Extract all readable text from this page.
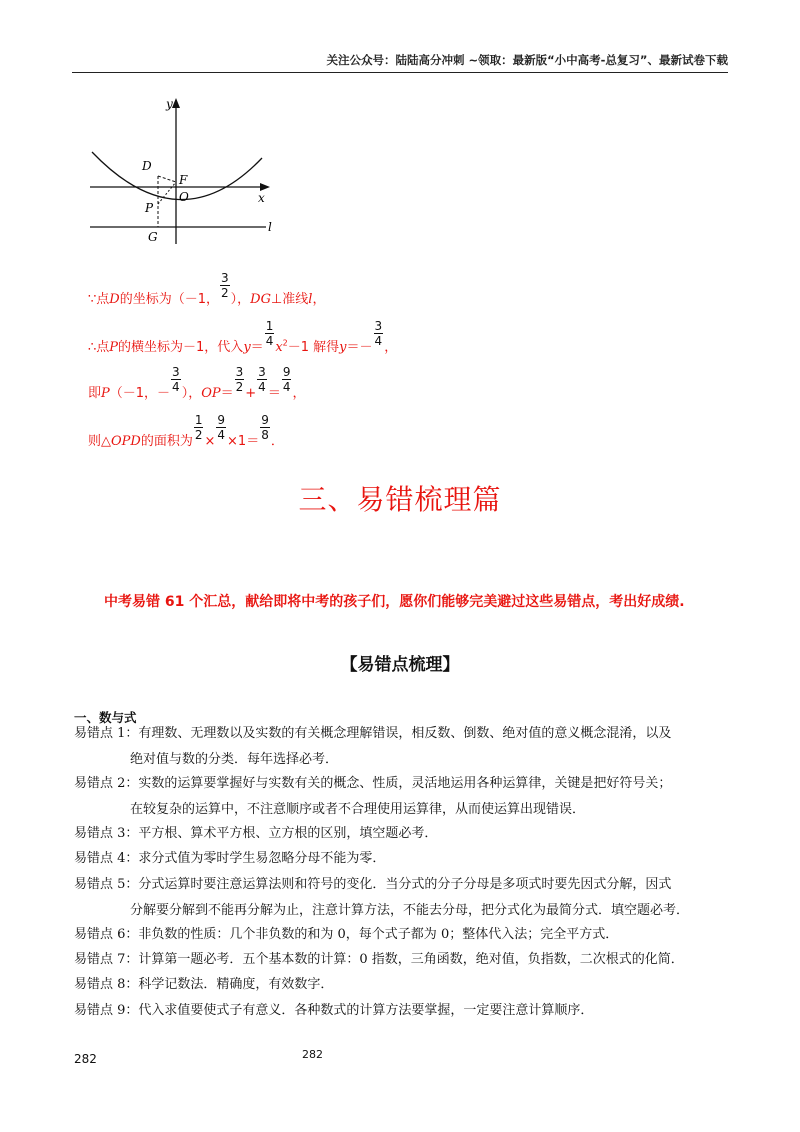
关注公众号：陆陆高分冲刺 ~领取：最新版“小中高考-总复习”、最新试卷下载
y
x
D
F
O
P
G
l
∵点D的坐标为（－1，
$\frac{3}{2}$
），DG⊥准线l，
∴点P的横坐标为－1，代入y＝
$\frac{1}{4}$
$x^2-1$ 解得y＝－
$\frac{3}{4}$
，
即P（－1，－
$\frac{3}{4}$
），OP＝
$\frac{3}{2}$
+
$\frac{3}{4}$
＝
$\frac{9}{4}$
，
则△OPD的面积为
$\frac{1}{2}$
×
$\frac{9}{4}$
×1＝
$\frac{9}{8}$
．
三、易错梳理篇
中考易错 61 个汇总，献给即将中考的孩子们，愿你们能够完美避过这些易错点，考出好成绩.
【易错点梳理】
一、数与式
易错点 1：有理数、无理数以及实数的有关概念理解错误，相反数、倒数、绝对值的意义概念混淆，以及
绝对值与数的分类．每年选择必考．
易错点 2：实数的运算要掌握好与实数有关的概念、性质，灵活地运用各种运算律，关键是把好符号关；
在较复杂的运算中，不注意顺序或者不合理使用运算律，从而使运算出现错误．
易错点 3：平方根、算术平方根、立方根的区别，填空题必考．
易错点 4：求分式值为零时学生易忽略分母不能为零．
易错点 5：分式运算时要注意运算法则和符号的变化．当分式的分子分母是多项式时要先因式分解，因式
分解要分解到不能再分解为止，注意计算方法，不能去分母，把分式化为最简分式．填空题必考．
易错点 6：非负数的性质：几个非负数的和为 0，每个式子都为 0；整体代入法；完全平方式．
易错点 7：计算第一题必考．五个基本数的计算：0 指数，三角函数，绝对值，负指数，二次根式的化简．
易错点 8：科学记数法．精确度，有效数字．
易错点 9：代入求值要使式子有意义．各种数式的计算方法要掌握，一定要注意计算顺序．
282	282
